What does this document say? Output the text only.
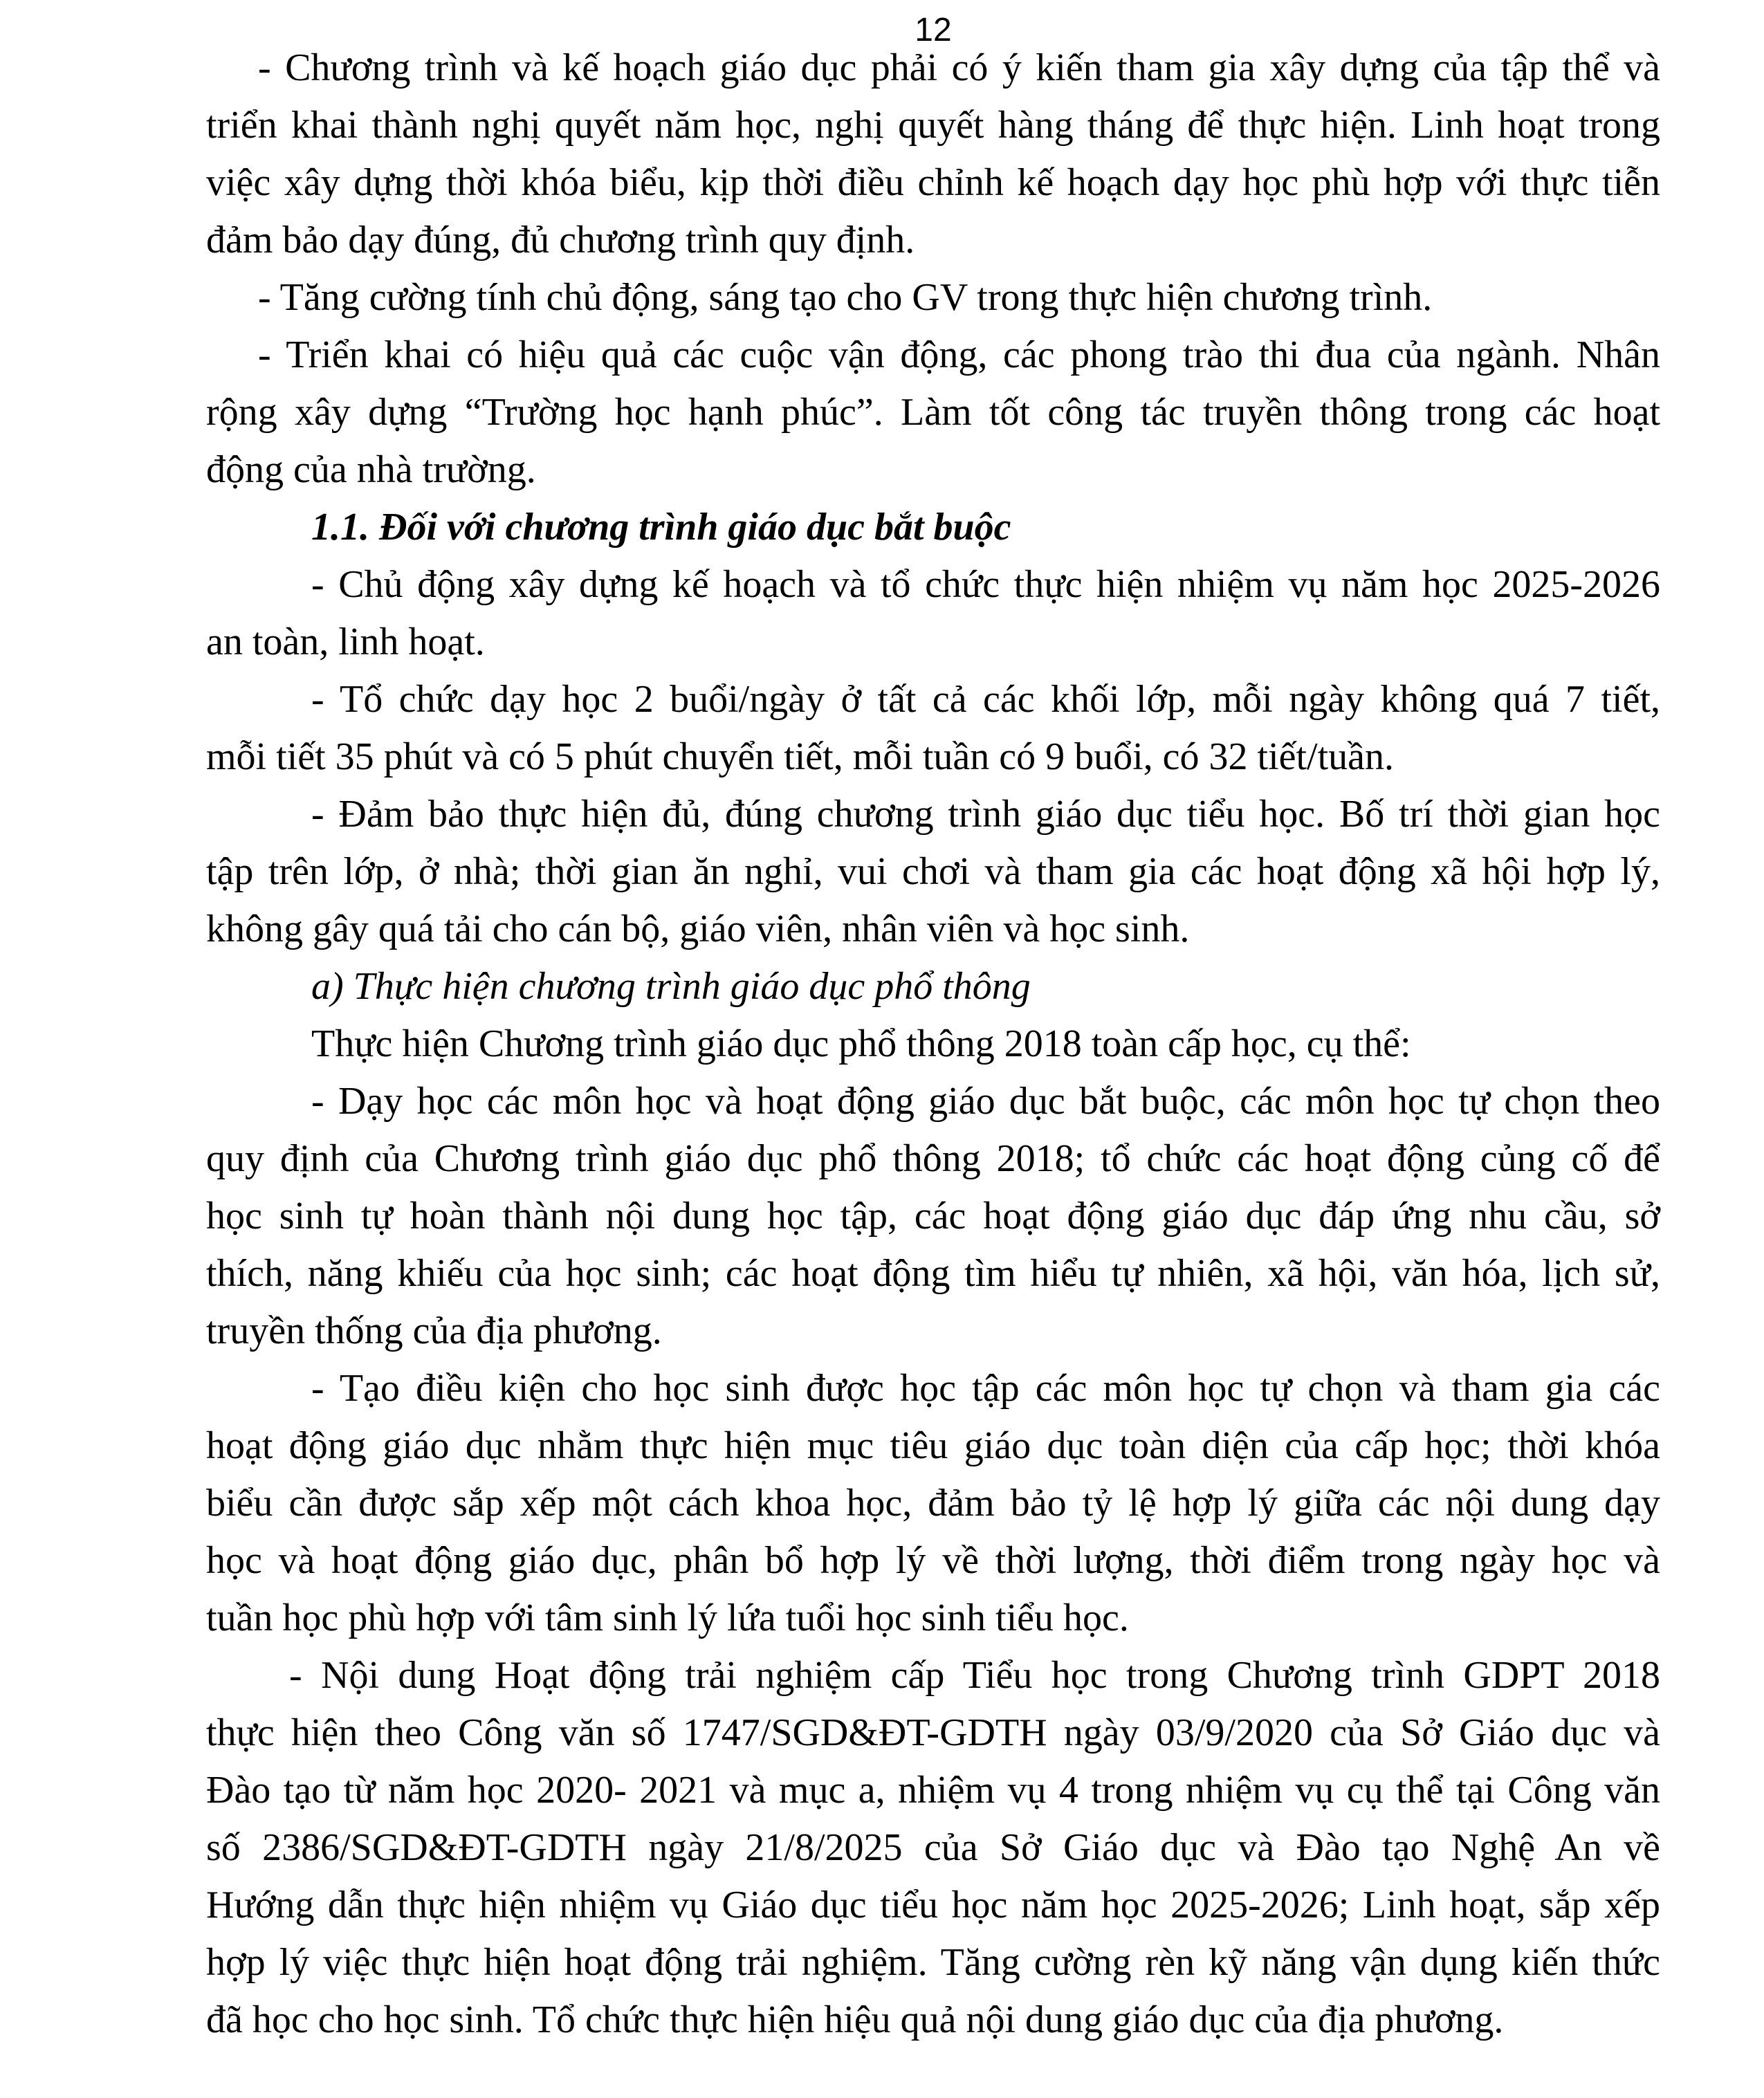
12
- Chương trình và kế hoạch giáo dục phải có ý kiến tham gia xây dựng của tập thể và
triển khai thành nghị quyết năm học, nghị quyết hàng tháng để thực hiện. Linh hoạt trong
việc xây dựng thời khóa biểu, kịp thời điều chỉnh kế hoạch dạy học phù hợp với thực tiễn
đảm bảo dạy đúng, đủ chương trình quy định.
- Tăng cường tính chủ động, sáng tạo cho GV trong thực hiện chương trình.
- Triển khai có hiệu quả các cuộc vận động, các phong trào thi đua của ngành. Nhân
rộng xây dựng “Trường học hạnh phúc”. Làm tốt công tác truyền thông trong các hoạt
động của nhà trường.
1.1. Đối với chương trình giáo dục bắt buộc
- Chủ động xây dựng kế hoạch và tổ chức thực hiện nhiệm vụ năm học 2025-2026
an toàn, linh hoạt.
- Tổ chức dạy học 2 buổi/ngày ở tất cả các khối lớp, mỗi ngày không quá 7 tiết,
mỗi tiết 35 phút và có 5 phút chuyển tiết, mỗi tuần có 9 buổi, có 32 tiết/tuần.
- Đảm bảo thực hiện đủ, đúng chương trình giáo dục tiểu học. Bố trí thời gian học
tập trên lớp, ở nhà; thời gian ăn nghỉ, vui chơi và tham gia các hoạt động xã hội hợp lý,
không gây quá tải cho cán bộ, giáo viên, nhân viên và học sinh.
a) Thực hiện chương trình giáo dục phổ thông
Thực hiện Chương trình giáo dục phổ thông 2018 toàn cấp học, cụ thể:
- Dạy học các môn học và hoạt động giáo dục bắt buộc, các môn học tự chọn theo
quy định của Chương trình giáo dục phổ thông 2018; tổ chức các hoạt động củng cố để
học sinh tự hoàn thành nội dung học tập, các hoạt động giáo dục đáp ứng nhu cầu, sở
thích, năng khiếu của học sinh; các hoạt động tìm hiểu tự nhiên, xã hội, văn hóa, lịch sử,
truyền thống của địa phương.
- Tạo điều kiện cho học sinh được học tập các môn học tự chọn và tham gia các
hoạt động giáo dục nhằm thực hiện mục tiêu giáo dục toàn diện của cấp học; thời khóa
biểu cần được sắp xếp một cách khoa học, đảm bảo tỷ lệ hợp lý giữa các nội dung dạy
học và hoạt động giáo dục, phân bổ hợp lý về thời lượng, thời điểm trong ngày học và
tuần học phù hợp với tâm sinh lý lứa tuổi học sinh tiểu học.
- Nội dung Hoạt động trải nghiệm cấp Tiểu học trong Chương trình GDPT 2018
thực hiện theo Công văn số 1747/SGD&ĐT-GDTH ngày 03/9/2020 của Sở Giáo dục và
Đào tạo từ năm học 2020- 2021 và mục a, nhiệm vụ 4 trong nhiệm vụ cụ thể tại Công văn
số 2386/SGD&ĐT-GDTH ngày 21/8/2025 của Sở Giáo dục và Đào tạo Nghệ An về
Hướng dẫn thực hiện nhiệm vụ Giáo dục tiểu học năm học 2025-2026; Linh hoạt, sắp xếp
hợp lý việc thực hiện hoạt động trải nghiệm. Tăng cường rèn kỹ năng vận dụng kiến thức
đã học cho học sinh. Tổ chức thực hiện hiệu quả nội dung giáo dục của địa phương.
